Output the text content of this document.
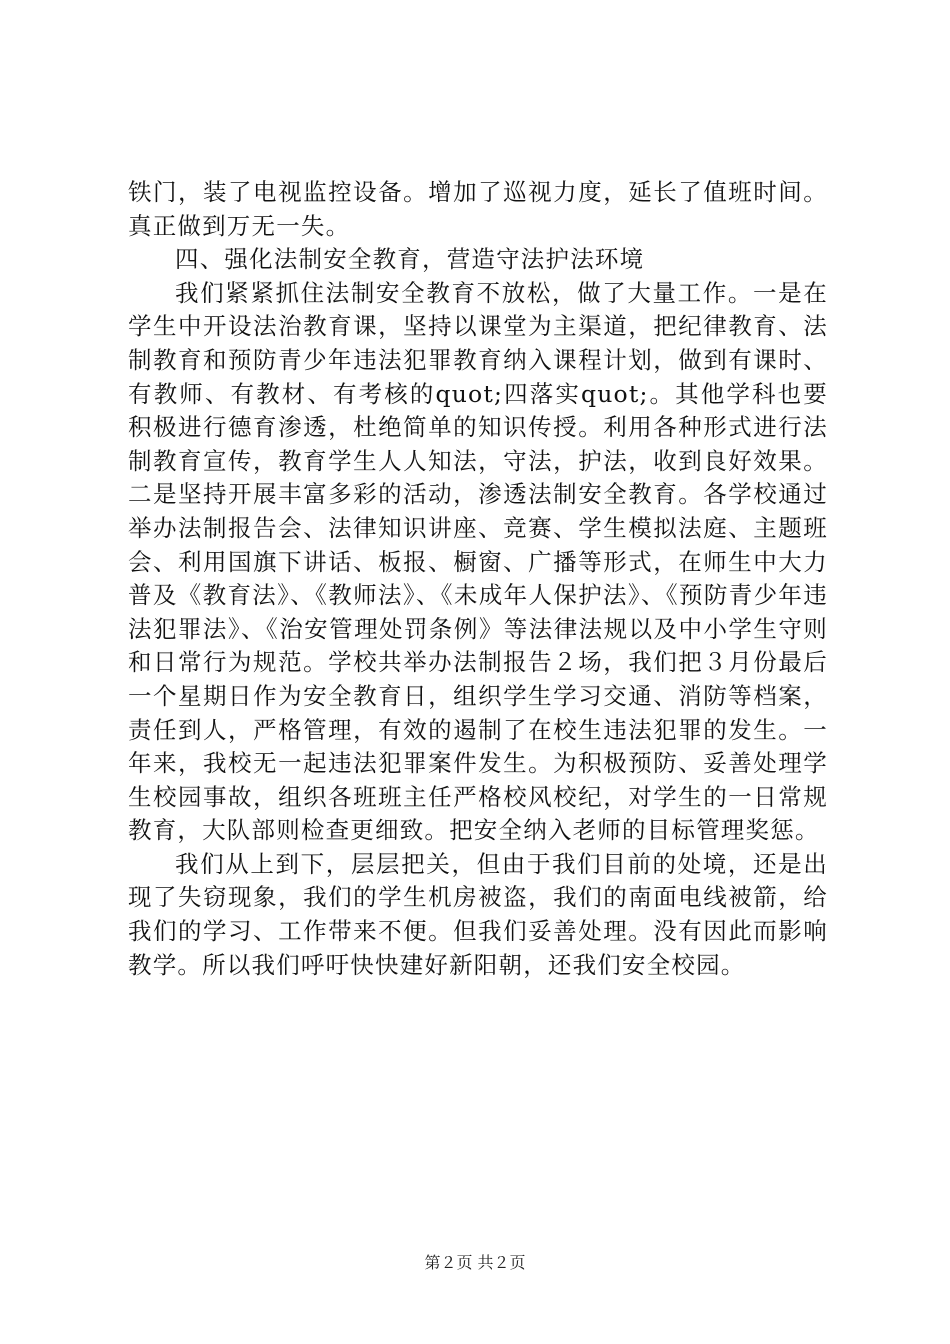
铁门，装了电视监控设备。增加了巡视力度，延长了值班时间。真正做到万无一失。

四、强化法制安全教育，营造守法护法环境

我们紧紧抓住法制安全教育不放松，做了大量工作。一是在学生中开设法治教育课，坚持以课堂为主渠道，把纪律教育、法制教育和预防青少年违法犯罪教育纳入课程计划，做到有课时、有教师、有教材、有考核的quot;四落实quot;。其他学科也要积极进行德育渗透，杜绝简单的知识传授。利用各种形式进行法制教育宣传，教育学生人人知法，守法，护法，收到良好效果。二是坚持开展丰富多彩的活动，渗透法制安全教育。各学校通过举办法制报告会、法律知识讲座、竞赛、学生模拟法庭、主题班会、利用国旗下讲话、板报、橱窗、广播等形式，在师生中大力普及《教育法》、《教师法》、《未成年人保护法》、《预防青少年违法犯罪法》、《治安管理处罚条例》等法律法规以及中小学生守则和日常行为规范。学校共举办法制报告２场，我们把３月份最后一个星期日作为安全教育日，组织学生学习交通、消防等档案，责任到人，严格管理，有效的遏制了在校生违法犯罪的发生。一年来，我校无一起违法犯罪案件发生。为积极预防、妥善处理学生校园事故，组织各班班主任严格校风校纪，对学生的一日常规教育，大队部则检查更细致。把安全纳入老师的目标管理奖惩。

我们从上到下，层层把关，但由于我们目前的处境，还是出现了失窃现象，我们的学生机房被盗，我们的南面电线被箭，给我们的学习、工作带来不便。但我们妥善处理。没有因此而影响教学。所以我们呼吁快快建好新阳朝，还我们安全校园。

第２页 共２页
